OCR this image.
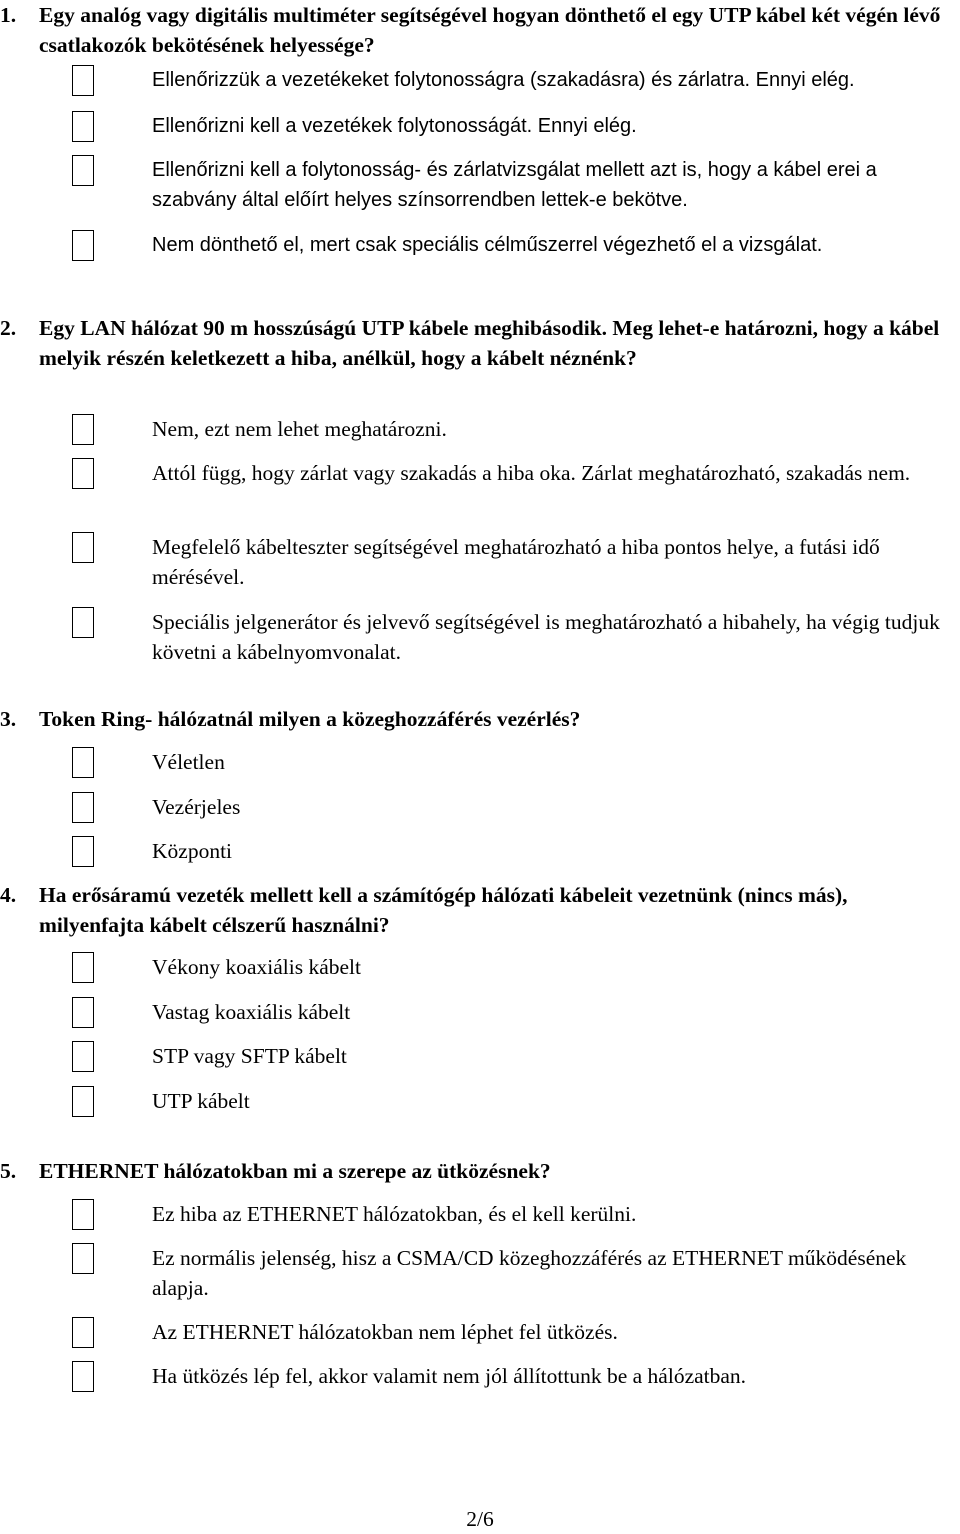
1.	Egy analóg vagy digitális multiméter segítségével hogyan dönthető el egy UTP kábel két végén lévő csatlakozók bekötésének helyessége?
Ellenőrizzük a vezetékeket folytonosságra (szakadásra) és zárlatra. Ennyi elég.
Ellenőrizni kell a vezetékek folytonosságát. Ennyi elég.
Ellenőrizni kell a folytonosság- és zárlatvizsgálat mellett azt is, hogy a kábel erei a szabvány által előírt helyes színsorrendben lettek-e bekötve.
Nem dönthető el, mert csak speciális célműszerrel végezhető el a vizsgálat.
2.	Egy LAN hálózat 90 m hosszúságú UTP kábele meghibásodik. Meg lehet-e határozni, hogy a kábel melyik részén keletkezett a hiba, anélkül, hogy a kábelt néznénk?
Nem, ezt nem lehet meghatározni.
Attól függ, hogy zárlat vagy szakadás a hiba oka. Zárlat meghatározható, szakadás nem.
Megfelelő kábelteszter segítségével meghatározható a hiba pontos helye, a futási idő mérésével.
Speciális jelgenerátor és jelvevő segítségével is meghatározható a hibahely, ha végig tudjuk követni a kábelnyomvonalat.
3.	Token Ring- hálózatnál milyen a közeghozzáférés vezérlés?
Véletlen
Vezérjeles
Központi
4.	Ha erősáramú vezeték mellett kell a számítógép hálózati kábeleit vezetnünk (nincs más), milyenfajta kábelt célszerű használni?
Vékony koaxiális kábelt
Vastag koaxiális kábelt
STP vagy SFTP kábelt
UTP kábelt
5.	ETHERNET hálózatokban mi a szerepe az ütközésnek?
Ez hiba az ETHERNET hálózatokban, és el kell kerülni.
Ez normális jelenség, hisz a CSMA/CD közeghozzáférés az ETHERNET működésének alapja.
Az ETHERNET hálózatokban nem léphet fel ütközés.
Ha ütközés lép fel, akkor valamit nem jól állítottunk be a hálózatban.
2/6
